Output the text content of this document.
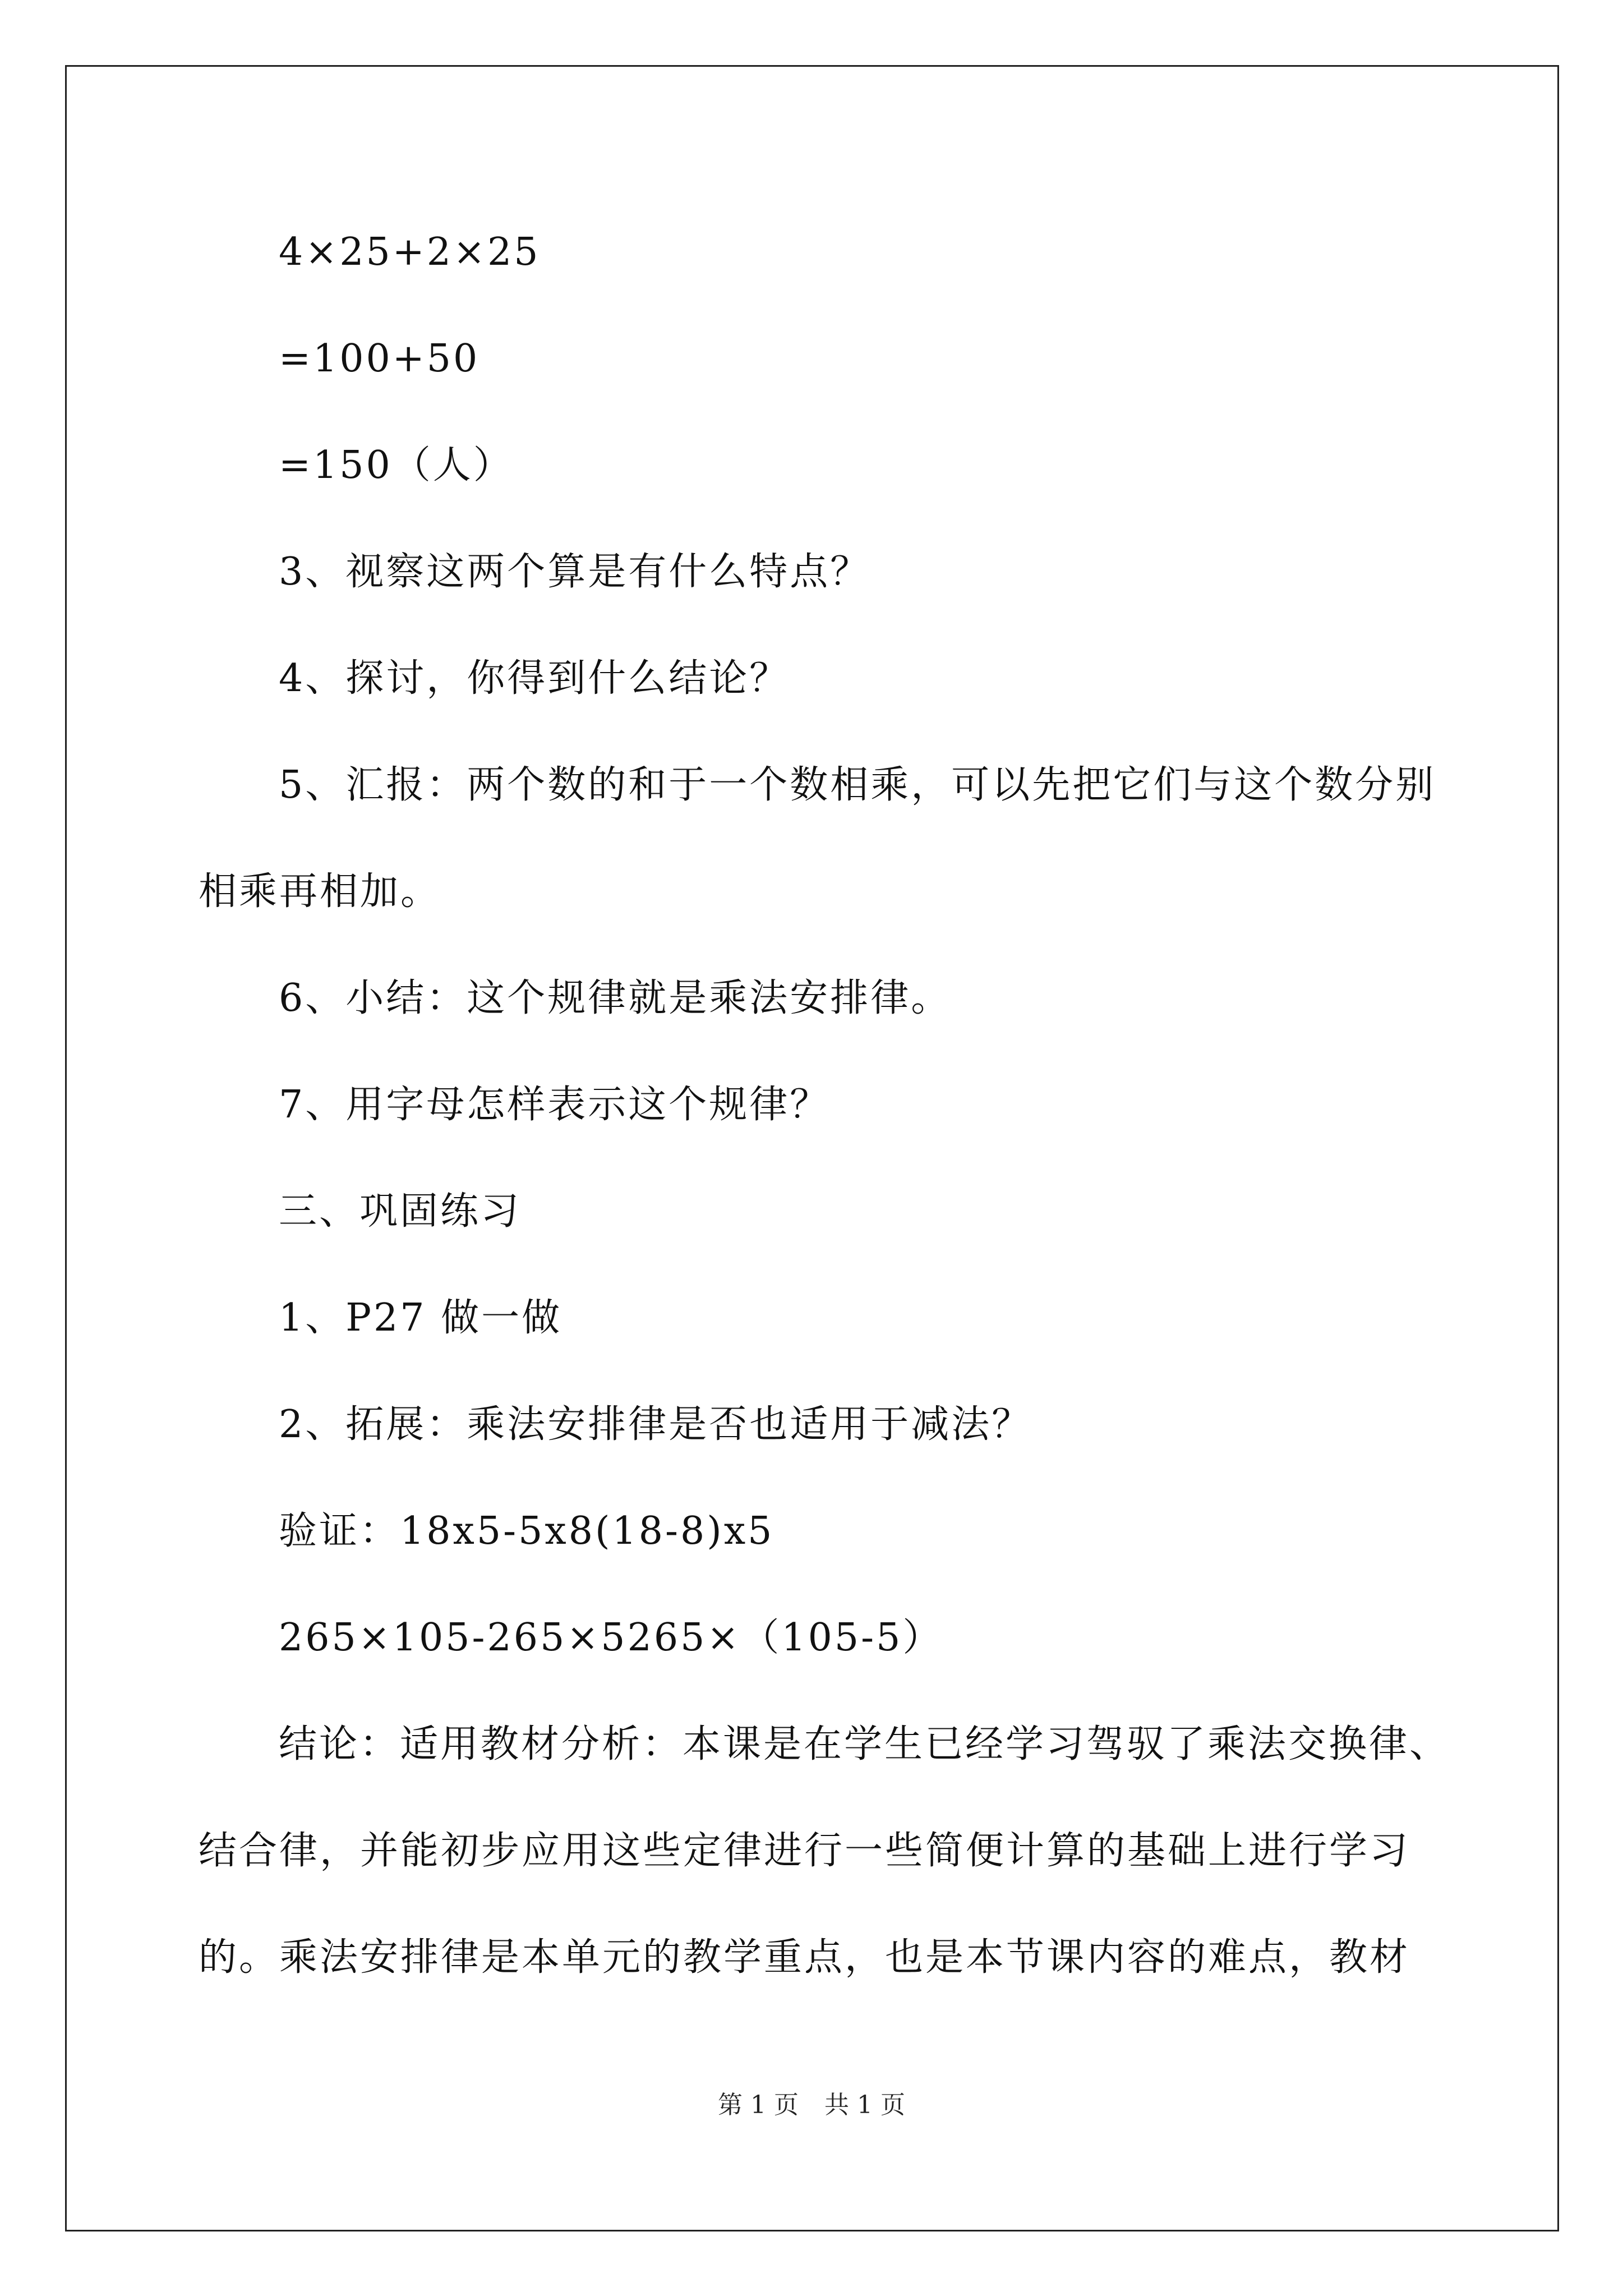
4×25+2×25

=100+50

=150（人）

3、视察这两个算是有什么特点？

4、探讨，你得到什么结论？

5、汇报：两个数的和于一个数相乘，可以先把它们与这个数分别

相乘再相加。

6、小结：这个规律就是乘法安排律。

7、用字母怎样表示这个规律？

三、巩固练习

1、P27 做一做

2、拓展：乘法安排律是否也适用于减法？

验证：18x5-5x8(18-8)x5

265×105-265×5265×（105-5）

结论：适用教材分析：本课是在学生已经学习驾驭了乘法交换律、

结合律，并能初步应用这些定律进行一些简便计算的基础上进行学习

的。乘法安排律是本单元的教学重点，也是本节课内容的难点，教材

第 1 页 共 1 页
